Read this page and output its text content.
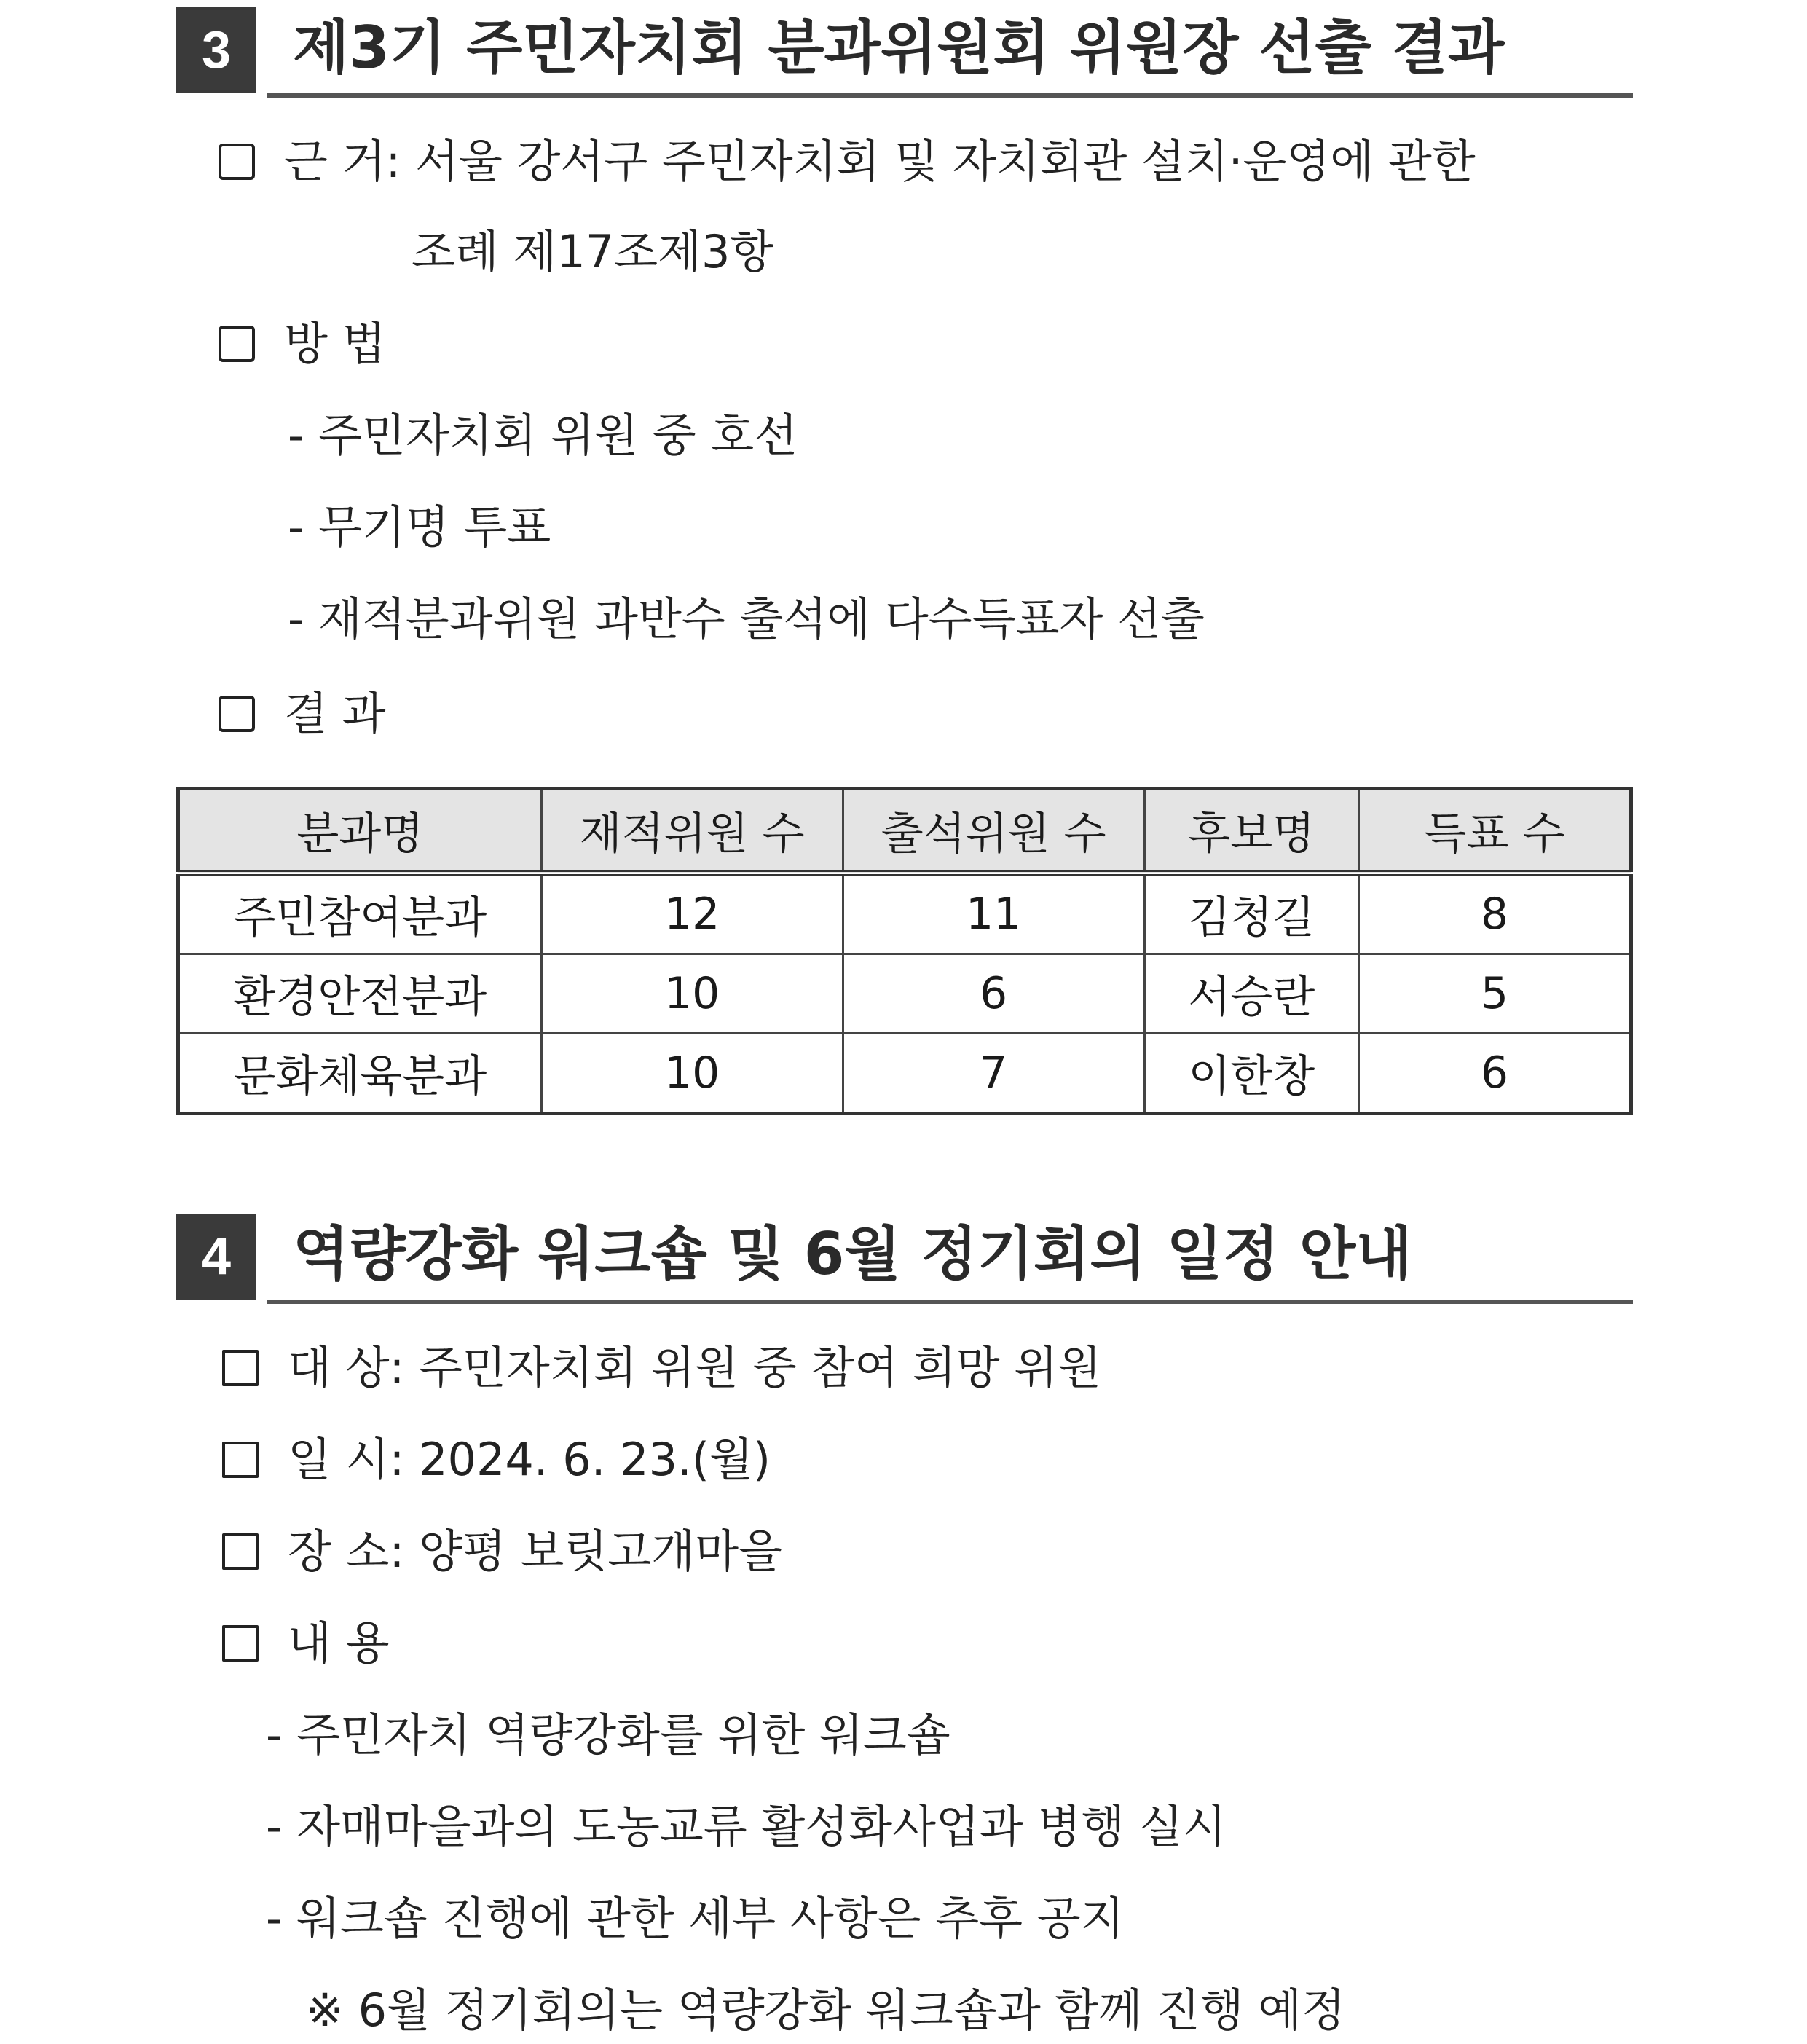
3	제3기 주민자치회 분과위원회 위원장 선출 결과
근 거: 서울 강서구 주민자치회 및 자치회관 설치·운영에 관한
조례 제17조제3항
방 법
- 주민자치회 위원 중 호선
- 무기명 투표
- 재적분과위원 과반수 출석에 다수득표자 선출
결 과
분과명	재적위원 수	출석위원 수	후보명	득표 수
주민참여분과	12	11	김청길	8
환경안전분과	10	6	서승란	5
문화체육분과	10	7	이한창	6
4	역량강화 워크숍 및 6월 정기회의 일정 안내
대 상: 주민자치회 위원 중 참여 희망 위원
일 시: 2024. 6. 23.(월)
장 소: 양평 보릿고개마을
내 용
- 주민자치 역량강화를 위한 워크숍
- 자매마을과의 도농교류 활성화사업과 병행 실시
- 워크숍 진행에 관한 세부 사항은 추후 공지
※ 6월 정기회의는 역량강화 워크숍과 함께 진행 예정
